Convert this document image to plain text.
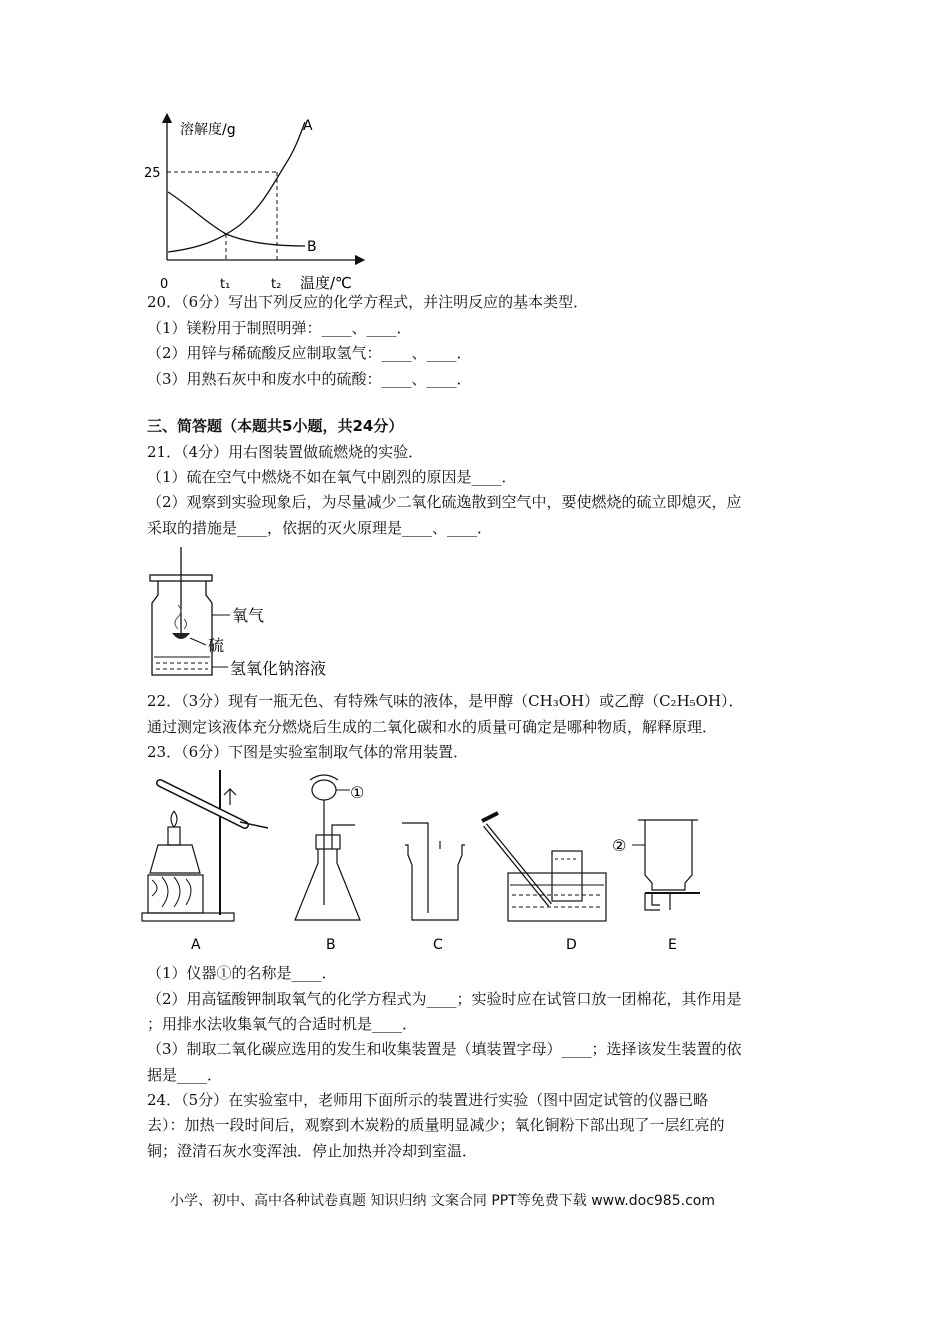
溶解度/g
25
0	t₁	t₂ 温度/℃
A
B
20．（6分）写出下列反应的化学方程式，并注明反应的基本类型．
（1）镁粉用于制照明弹：____、____．
（2）用锌与稀硫酸反应制取氢气：____、____．
（3）用熟石灰中和废水中的硫酸：____、____．
三、简答题（本题共5小题，共24分）
21．（4分）用右图装置做硫燃烧的实验．
（1）硫在空气中燃烧不如在氧气中剧烈的原因是____．
（2）观察到实验现象后，为尽量减少二氧化硫逸散到空气中，要使燃烧的硫立即熄灭，应
采取的措施是____，依据的灭火原理是____、____．
氧气
硫
氢氧化钠溶液
22．（3分）现有一瓶无色、有特殊气味的液体，是甲醇（CH₃OH）或乙醇（C₂H₅OH）．
通过测定该液体充分燃烧后生成的二氧化碳和水的质量可确定是哪种物质，解释原理．
23．（6分）下图是实验室制取气体的常用装置．
A
①
B	C	D
②
E
（1）仪器①的名称是____．
（2）用高锰酸钾制取氧气的化学方程式为____；实验时应在试管口放一团棉花，其作用是
；用排水法收集氧气的合适时机是____．
（3）制取二氧化碳应选用的发生和收集装置是（填装置字母）____；选择该发生装置的依
据是____．
24．（5分）在实验室中，老师用下面所示的装置进行实验（图中固定试管的仪器已略
去）：加热一段时间后，观察到木炭粉的质量明显减少；氧化铜粉下部出现了一层红亮的
铜；澄清石灰水变浑浊．停止加热并冷却到室温．
小学、初中、高中各种试卷真题 知识归纳 文案合同 PPT等免费下载 www.doc985.com
